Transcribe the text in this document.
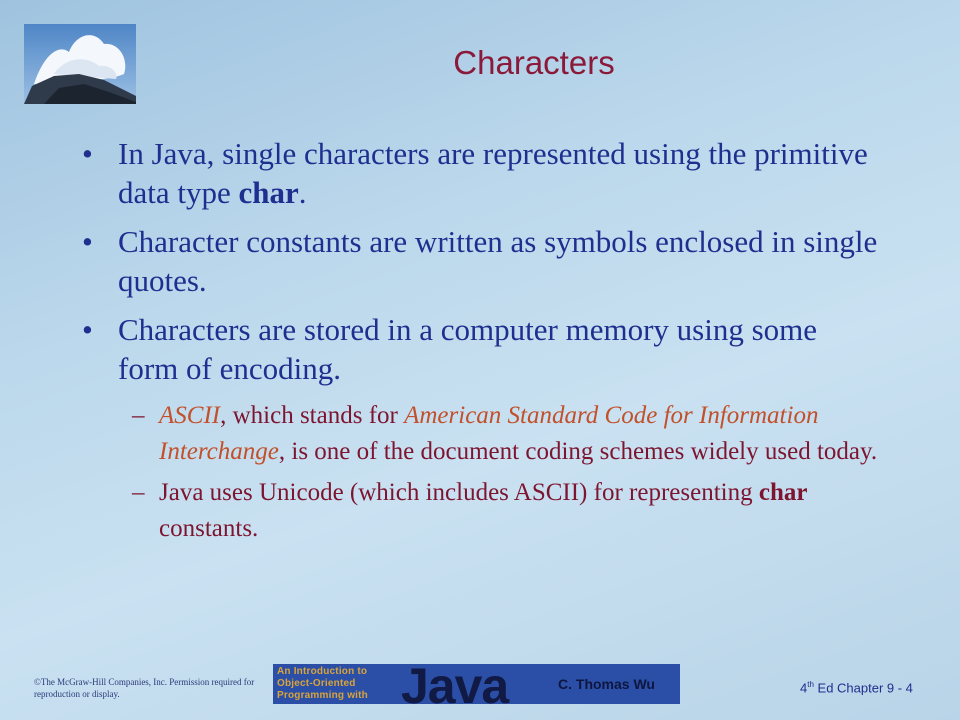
Characters
• In Java, single characters are represented using the primitive data type char.
• Character constants are written as symbols enclosed in single quotes.
• Characters are stored in a computer memory using some form of encoding.
– ASCII, which stands for American Standard Code for Information Interchange, is one of the document coding schemes widely used today.
– Java uses Unicode (which includes ASCII) for representing char constants.
©The McGraw-Hill Companies, Inc. Permission required for reproduction or display.
An Introduction to Object-Oriented Programming with Java	C. Thomas Wu	4th Ed Chapter 9 - 4
